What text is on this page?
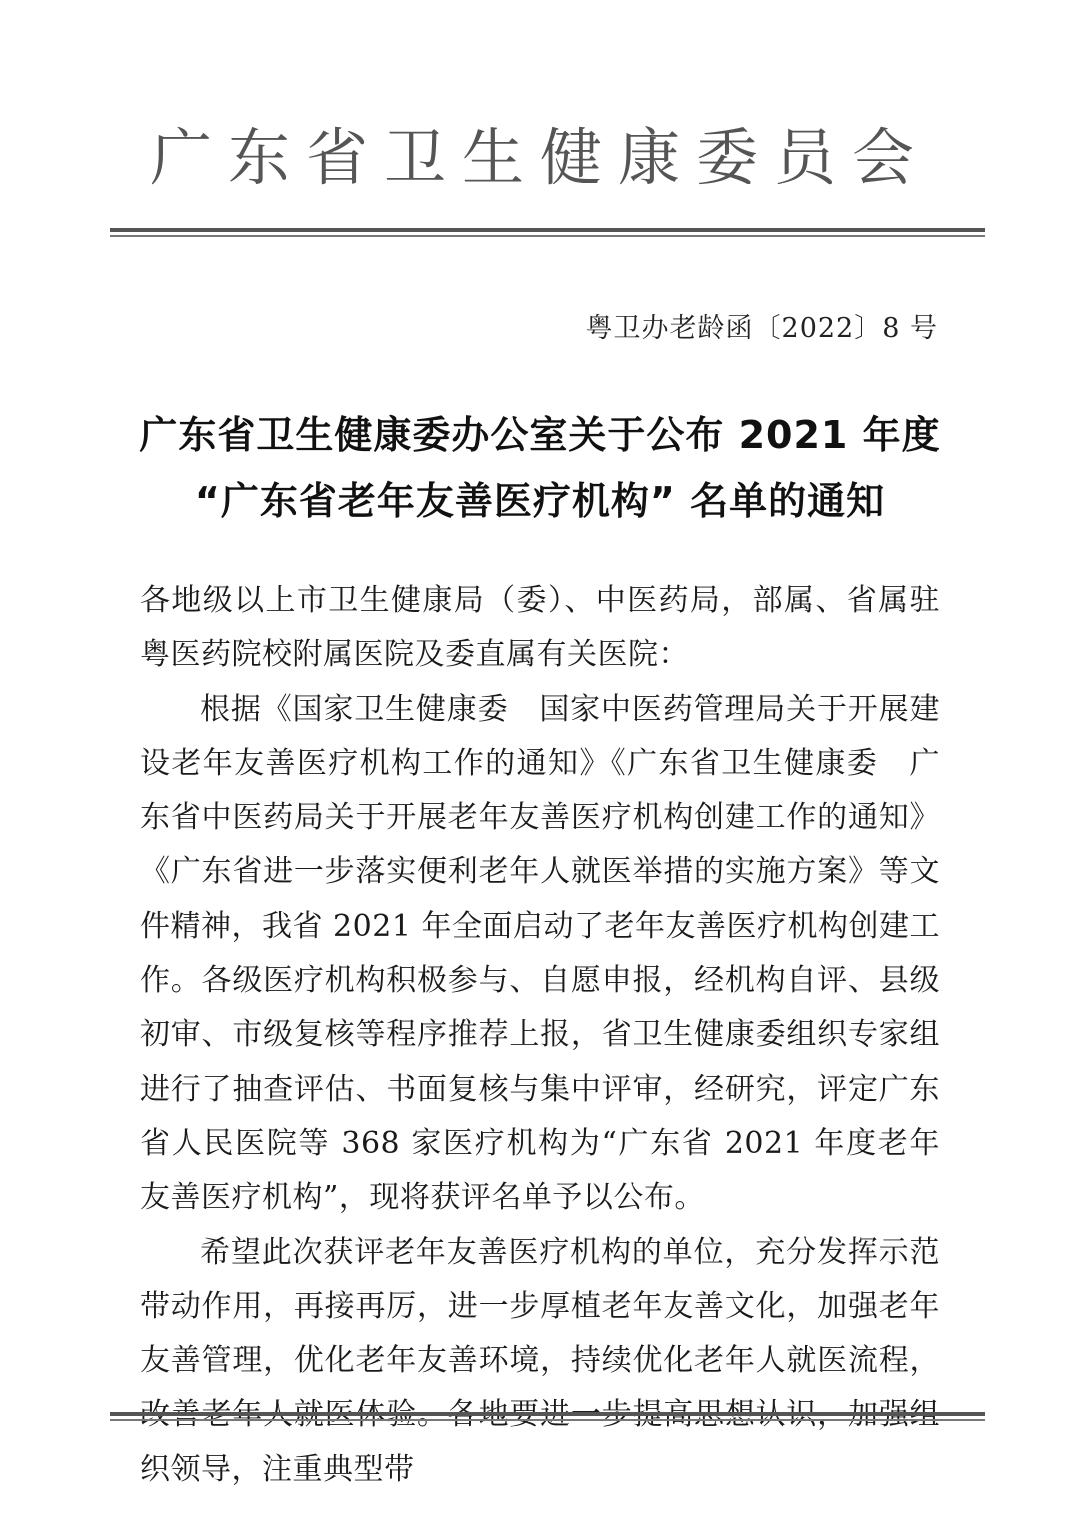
广东省卫生健康委员会
粤卫办老龄函〔2022〕8 号
广东省卫生健康委办公室关于公布 2021 年度
“广东省老年友善医疗机构” 名单的通知

各地级以上市卫生健康局（委）、中医药局，部属、省属驻粤医药院校附属医院及委直属有关医院：

根据《国家卫生健康委　国家中医药管理局关于开展建设老年友善医疗机构工作的通知》《广东省卫生健康委　广东省中医药局关于开展老年友善医疗机构创建工作的通知》《广东省进一步落实便利老年人就医举措的实施方案》等文件精神，我省 2021 年全面启动了老年友善医疗机构创建工作。各级医疗机构积极参与、自愿申报，经机构自评、县级初审、市级复核等程序推荐上报，省卫生健康委组织专家组进行了抽查评估、书面复核与集中评审，经研究，评定广东省人民医院等 368 家医疗机构为“广东省 2021 年度老年友善医疗机构”，现将获评名单予以公布。

希望此次获评老年友善医疗机构的单位，充分发挥示范带动作用，再接再厉，进一步厚植老年友善文化，加强老年友善管理，优化老年友善环境，持续优化老年人就医流程， 织领导，注重典型带
